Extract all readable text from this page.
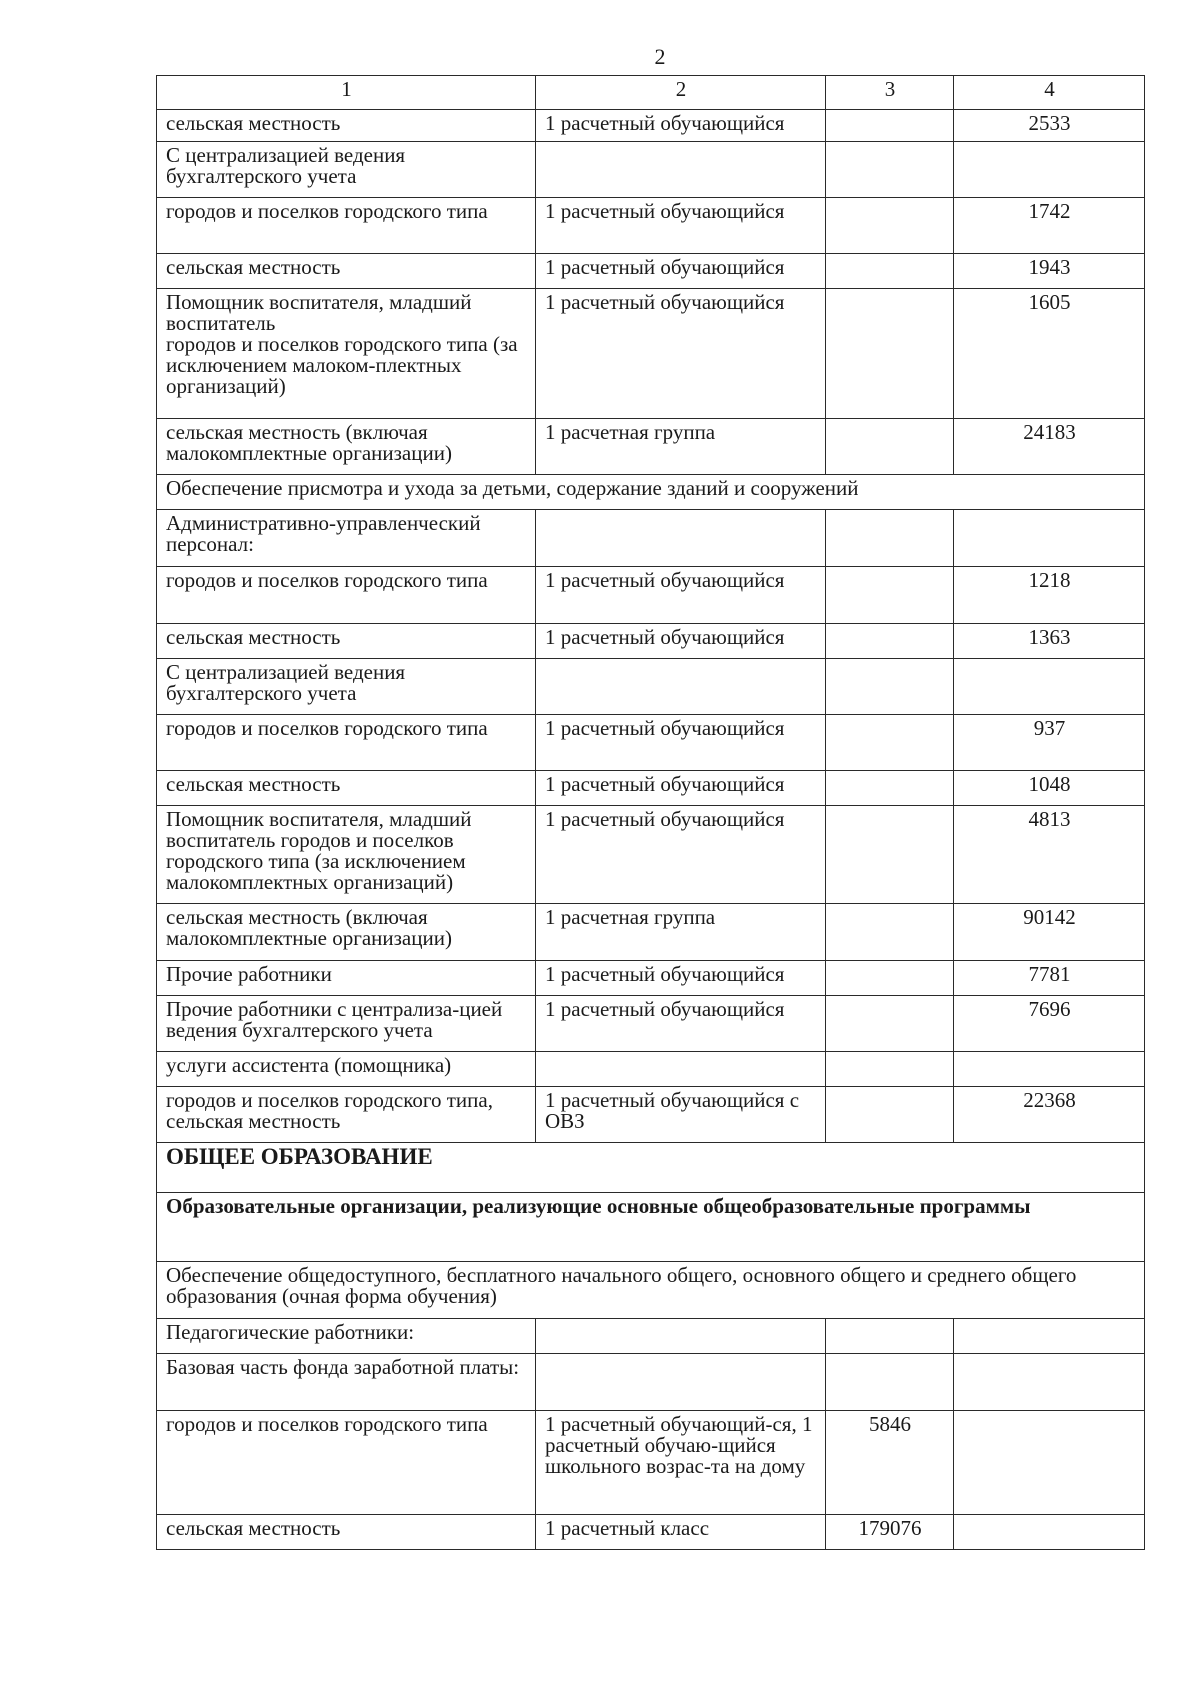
2
1	2	3	4
сельская местность	1 расчетный обучающийся		2533
С централизацией ведения бухгалтерского учета			
городов и поселков городского типа	1 расчетный обучающийся		1742
сельская местность	1 расчетный обучающийся		1943
Помощник воспитателя, младший воспитатель
городов и поселков городского типа (за исключением малоком-плектных организаций)	1 расчетный обучающийся		1605
сельская местность (включая малокомплектные организации)	1 расчетная группа		24183
Обеспечение присмотра и ухода за детьми, содержание зданий и сооружений			
Административно-управленческий персонал:			
городов и поселков городского типа	1 расчетный обучающийся		1218
сельская местность	1 расчетный обучающийся		1363
С централизацией ведения бухгалтерского учета			
городов и поселков городского типа	1 расчетный обучающийся		937
сельская местность	1 расчетный обучающийся		1048
Помощник воспитателя, младший воспитатель городов и поселков городского типа (за исключением малокомплектных организаций)	1 расчетный обучающийся		4813
сельская местность (включая малокомплектные организации)	1 расчетная группа		90142
Прочие работники	1 расчетный обучающийся		7781
Прочие работники с централиза-цией ведения бухгалтерского учета	1 расчетный обучающийся		7696
услуги ассистента (помощника)			
городов и поселков городского типа, сельская местность	1 расчетный обучающийся с ОВЗ		22368
ОБЩЕЕ ОБРАЗОВАНИЕ			
Образовательные организации, реализующие основные общеобразовательные программы			
Обеспечение общедоступного, бесплатного начального общего, основного общего и среднего общего образования (очная форма обучения)			
Педагогические работники:			
Базовая часть фонда заработной платы:			
городов и поселков городского типа	1 расчетный обучающий-ся, 1 расчетный обучаю-щийся школьного возрас-та на дому	5846	
сельская местность	1 расчетный класс	179076	
